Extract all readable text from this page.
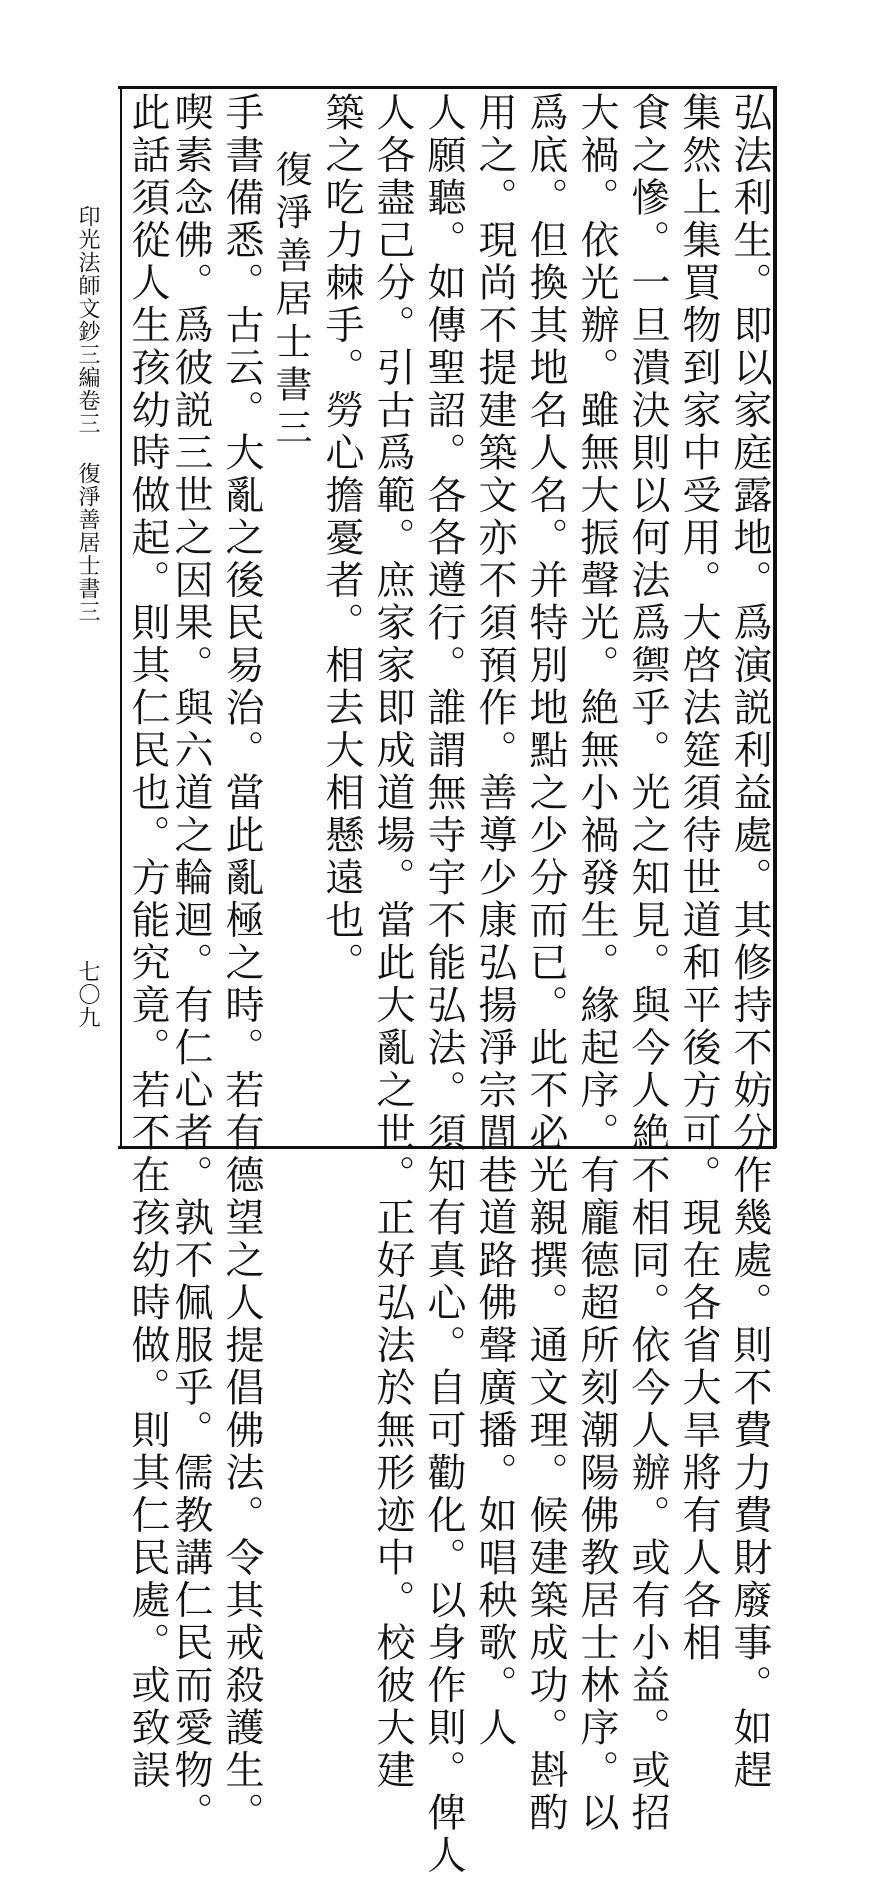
弘法利生。即以家庭露地。爲演説利益處。其修持不妨分作幾處。則不費力費財廢事。如趕
集然上集買物到家中受用。大啓法筵須待世道和平後方可。現在各省大旱將有人各相
食之慘。一旦潰決則以何法爲禦乎。光之知見。與今人絶不相同。依今人辦。或有小益。或招
大禍。依光辦。雖無大振聲光。絶無小禍發生。緣起序。有龐德超所刻潮陽佛教居士林序。以
爲底。但換其地名人名。并特別地點之少分而已。此不必光親撰。通文理。候建築成功。斟酌
用之。現尚不提建築文亦不須預作。善導少康弘揚淨宗閭巷道路佛聲廣播。如唱秧歌。人
人願聽。如傳聖詔。各各遵行。誰謂無寺宇不能弘法。須知有真心。自可勸化。以身作則。俾人
人各盡己分。引古爲範。庶家家即成道場。當此大亂之世。正好弘法於無形迹中。校彼大建
築之吃力棘手。勞心擔憂者。相去大相懸遠也。
復淨善居士書三
手書備悉。古云。大亂之後民易治。當此亂極之時。若有德望之人提倡佛法。令其戒殺護生。
喫素念佛。爲彼説三世之因果。與六道之輪迴。有仁心者。孰不佩服乎。儒教講仁民而愛物。
此話須從人生孩幼時做起。則其仁民也。方能究竟。若不在孩幼時做。則其仁民處。或致誤
印光法師文鈔三編卷三
復淨善居士書三
七〇九
